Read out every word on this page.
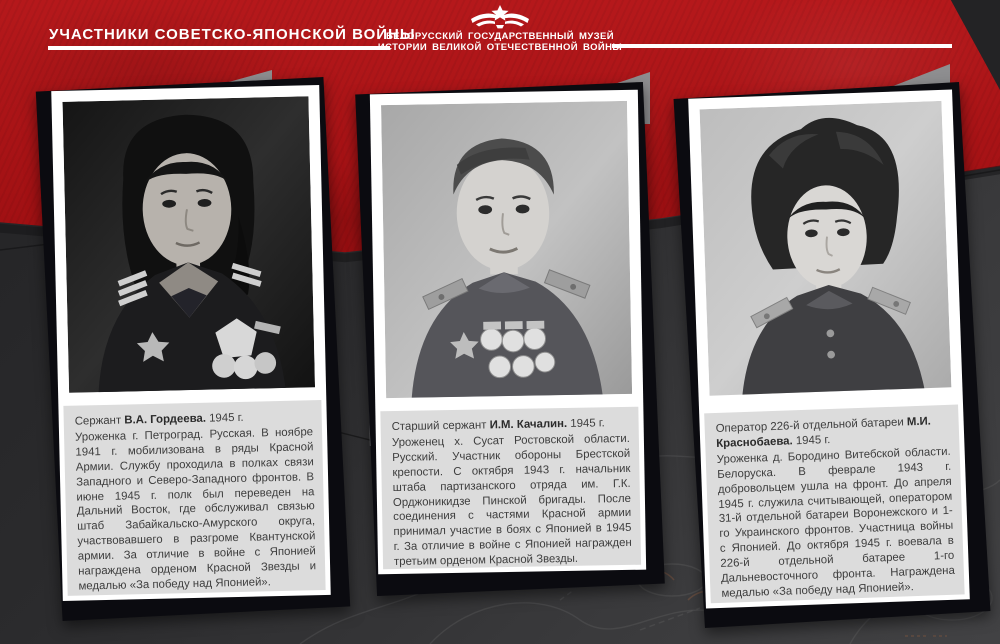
УЧАСТНИКИ СОВЕТСКО-ЯПОНСКОЙ ВОЙНЫ
БЕЛОРУССКИЙ ГОСУДАРСТВЕННЫЙ МУЗЕЙ
ИСТОРИИ ВЕЛИКОЙ ОТЕЧЕСТВЕННОЙ ВОЙНЫ
Сержант В.А. Гордеева. 1945 г.
Уроженка г. Петроград. Русская. В ноябре 1941 г. мобилизована в ряды Красной Армии. Службу проходила в полках связи Западного и Северо-Западного фронтов. В июне 1945 г. полк был переведен на Дальний Восток, где обслуживал связью штаб Забайкальско-Амурского округа, участвовавшего в разгроме Квантунской армии. За отличие в войне с Японией награждена орденом Красной Звезды и медалью «За победу над Японией».
Старший сержант И.М. Качалин. 1945 г.
Уроженец х. Сусат Ростовской области. Русский. Участник обороны Брестской крепости. С октября 1943 г. начальник штаба партизанского отряда им. Г.К. Орджоникидзе Пинской бригады. После соединения с частями Красной армии принимал участие в боях с Японией в 1945 г. За отличие в войне с Японией награжден третьим орденом Красной Звезды.
Оператор 226-й отдельной батареи М.И. Краснобаева. 1945 г.
Уроженка д. Бородино Витебской области. Белоруска. В феврале 1943 г. добровольцем ушла на фронт. До апреля 1945 г. служила считывающей, оператором 31-й отдельной батареи Воронежского и 1-го Украинского фронтов. Участница войны с Японией. До октября 1945 г. воевала в 226-й отдельной батарее 1-го Дальневосточного фронта. Награждена медалью «За победу над Японией».
